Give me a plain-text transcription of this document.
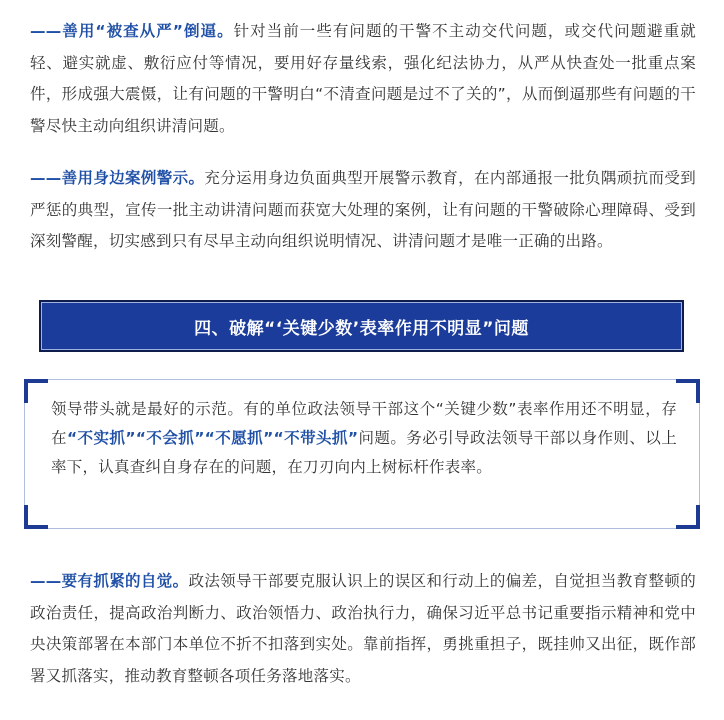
——善用“被查从严”倒逼。针对当前一些有问题的干警不主动交代问题，或交代问题避重就轻、避实就虚、敷衍应付等情况，要用好存量线索，强化纪法协力，从严从快查处一批重点案件，形成强大震慑，让有问题的干警明白“不清查问题是过不了关的”，从而倒逼那些有问题的干警尽快主动向组织讲清问题。

——善用身边案例警示。充分运用身边负面典型开展警示教育，在内部通报一批负隅顽抗而受到严惩的典型，宣传一批主动讲清问题而获宽大处理的案例，让有问题的干警破除心理障碍、受到深刻警醒，切实感到只有尽早主动向组织说明情况、讲清问题才是唯一正确的出路。

四、破解“‘关键少数’表率作用不明显”问题

领导带头就是最好的示范。有的单位政法领导干部这个“关键少数”表率作用还不明显，存在“不实抓”“不会抓”“不愿抓”“不带头抓”问题。务必引导政法领导干部以身作则、以上率下，认真查纠自身存在的问题，在刀刃向内上树标杆作表率。

——要有抓紧的自觉。政法领导干部要克服认识上的误区和行动上的偏差，自觉担当教育整顿的政治责任，提高政治判断力、政治领悟力、政治执行力，确保习近平总书记重要指示精神和党中央决策部署在本部门本单位不折不扣落到实处。靠前指挥，勇挑重担子，既挂帅又出征，既作部署又抓落实，推动教育整顿各项任务落地落实。
